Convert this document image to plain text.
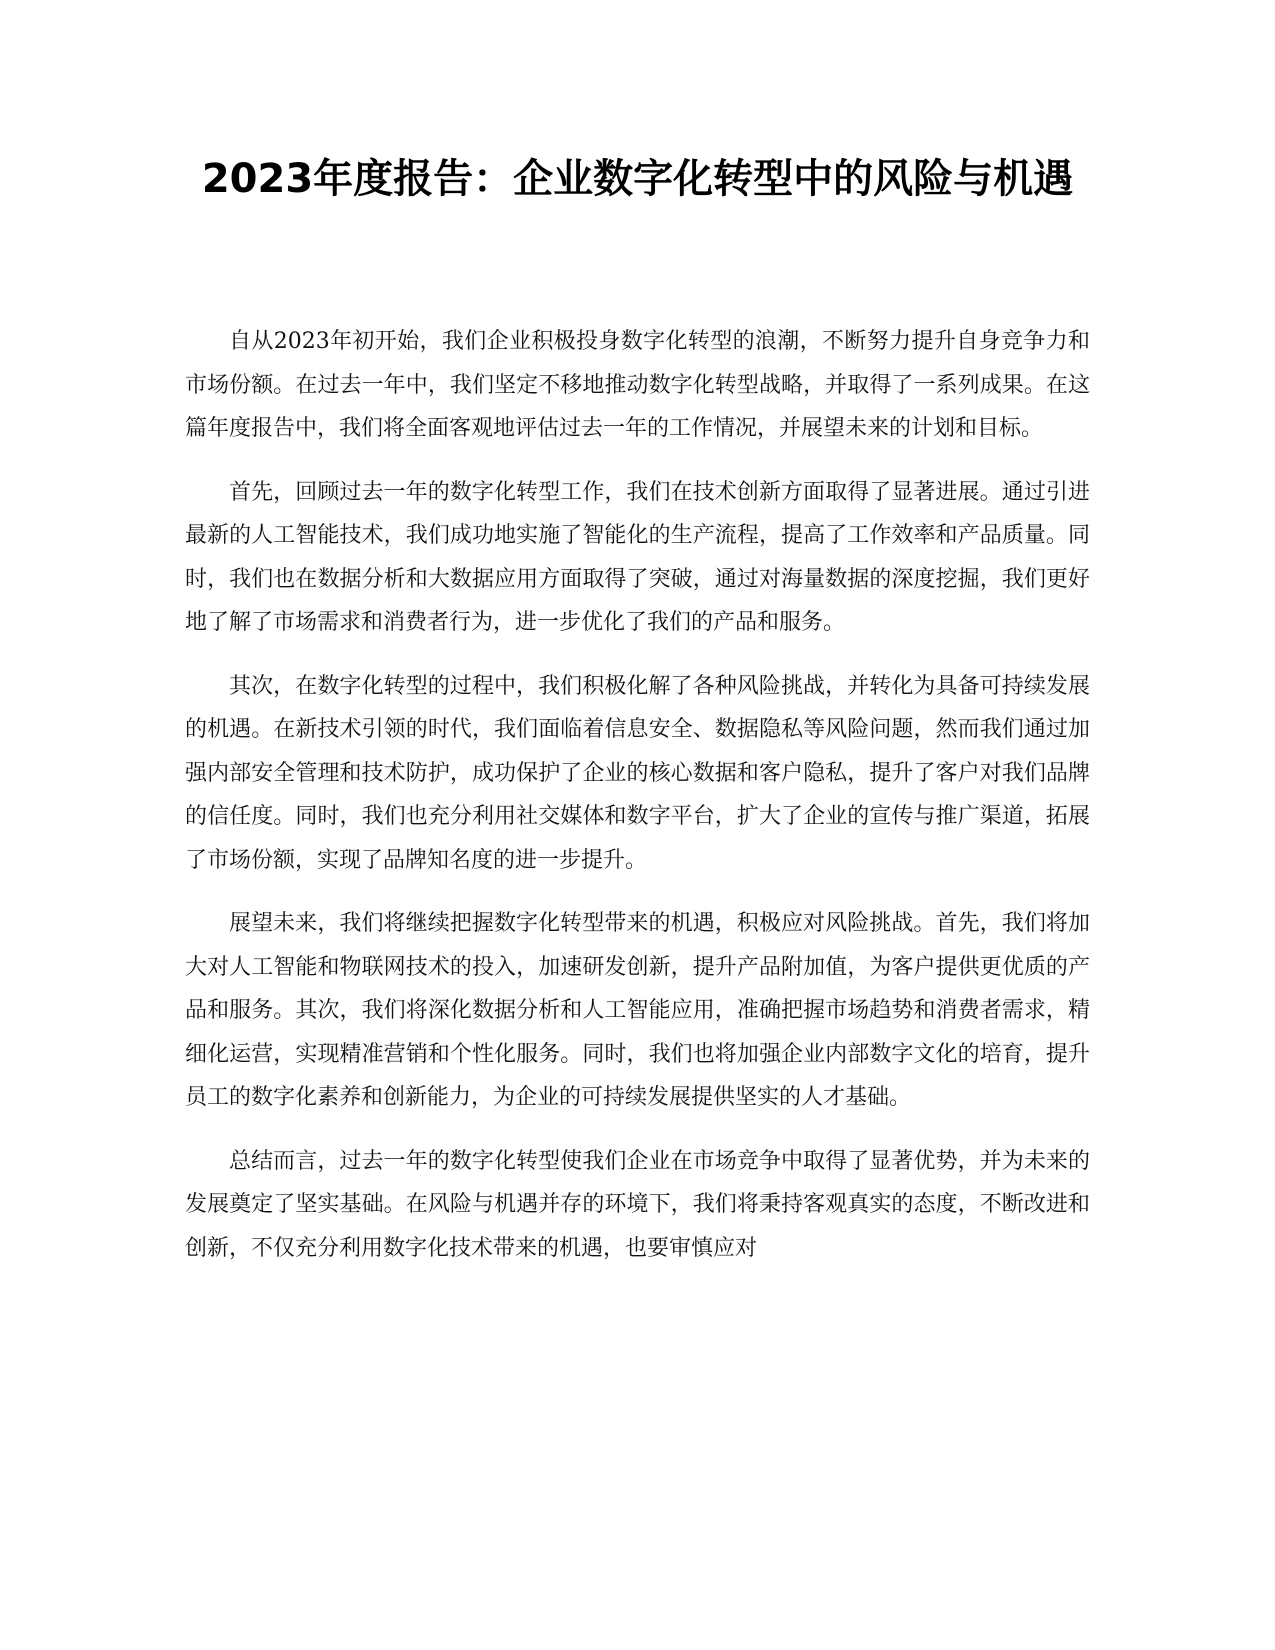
2023年度报告：企业数字化转型中的风险与机遇

自从2023年初开始，我们企业积极投身数字化转型的浪潮，不断努力提升自身竞争力和市场份额。在过去一年中，我们坚定不移地推动数字化转型战略，并取得了一系列成果。在这篇年度报告中，我们将全面客观地评估过去一年的工作情况，并展望未来的计划和目标。

首先，回顾过去一年的数字化转型工作，我们在技术创新方面取得了显著进展。通过引进最新的人工智能技术，我们成功地实施了智能化的生产流程，提高了工作效率和产品质量。同时，我们也在数据分析和大数据应用方面取得了突破，通过对海量数据的深度挖掘，我们更好地了解了市场需求和消费者行为，进一步优化了我们的产品和服务。

其次，在数字化转型的过程中，我们积极化解了各种风险挑战，并转化为具备可持续发展的机遇。在新技术引领的时代，我们面临着信息安全、数据隐私等风险问题，然而我们通过加强内部安全管理和技术防护，成功保护了企业的核心数据和客户隐私，提升了客户对我们品牌的信任度。同时，我们也充分利用社交媒体和数字平台，扩大了企业的宣传与推广渠道，拓展了市场份额，实现了品牌知名度的进一步提升。

展望未来，我们将继续把握数字化转型带来的机遇，积极应对风险挑战。首先，我们将加大对人工智能和物联网技术的投入，加速研发创新，提升产品附加值，为客户提供更优质的产品和服务。其次，我们将深化数据分析和人工智能应用，准确把握市场趋势和消费者需求，精细化运营，实现精准营销和个性化服务。同时，我们也将加强企业内部数字文化的培育，提升员工的数字化素养和创新能力，为企业的可持续发展提供坚实的人才基础。

总结而言，过去一年的数字化转型使我们企业在市场竞争中取得了显著优势，并为未来的发展奠定了坚实基础。在风险与机遇并存的环境下，我们将秉持客观真实的态度，不断改进和创新，不仅充分利用数字化技术带来的机遇，也要审慎应对
